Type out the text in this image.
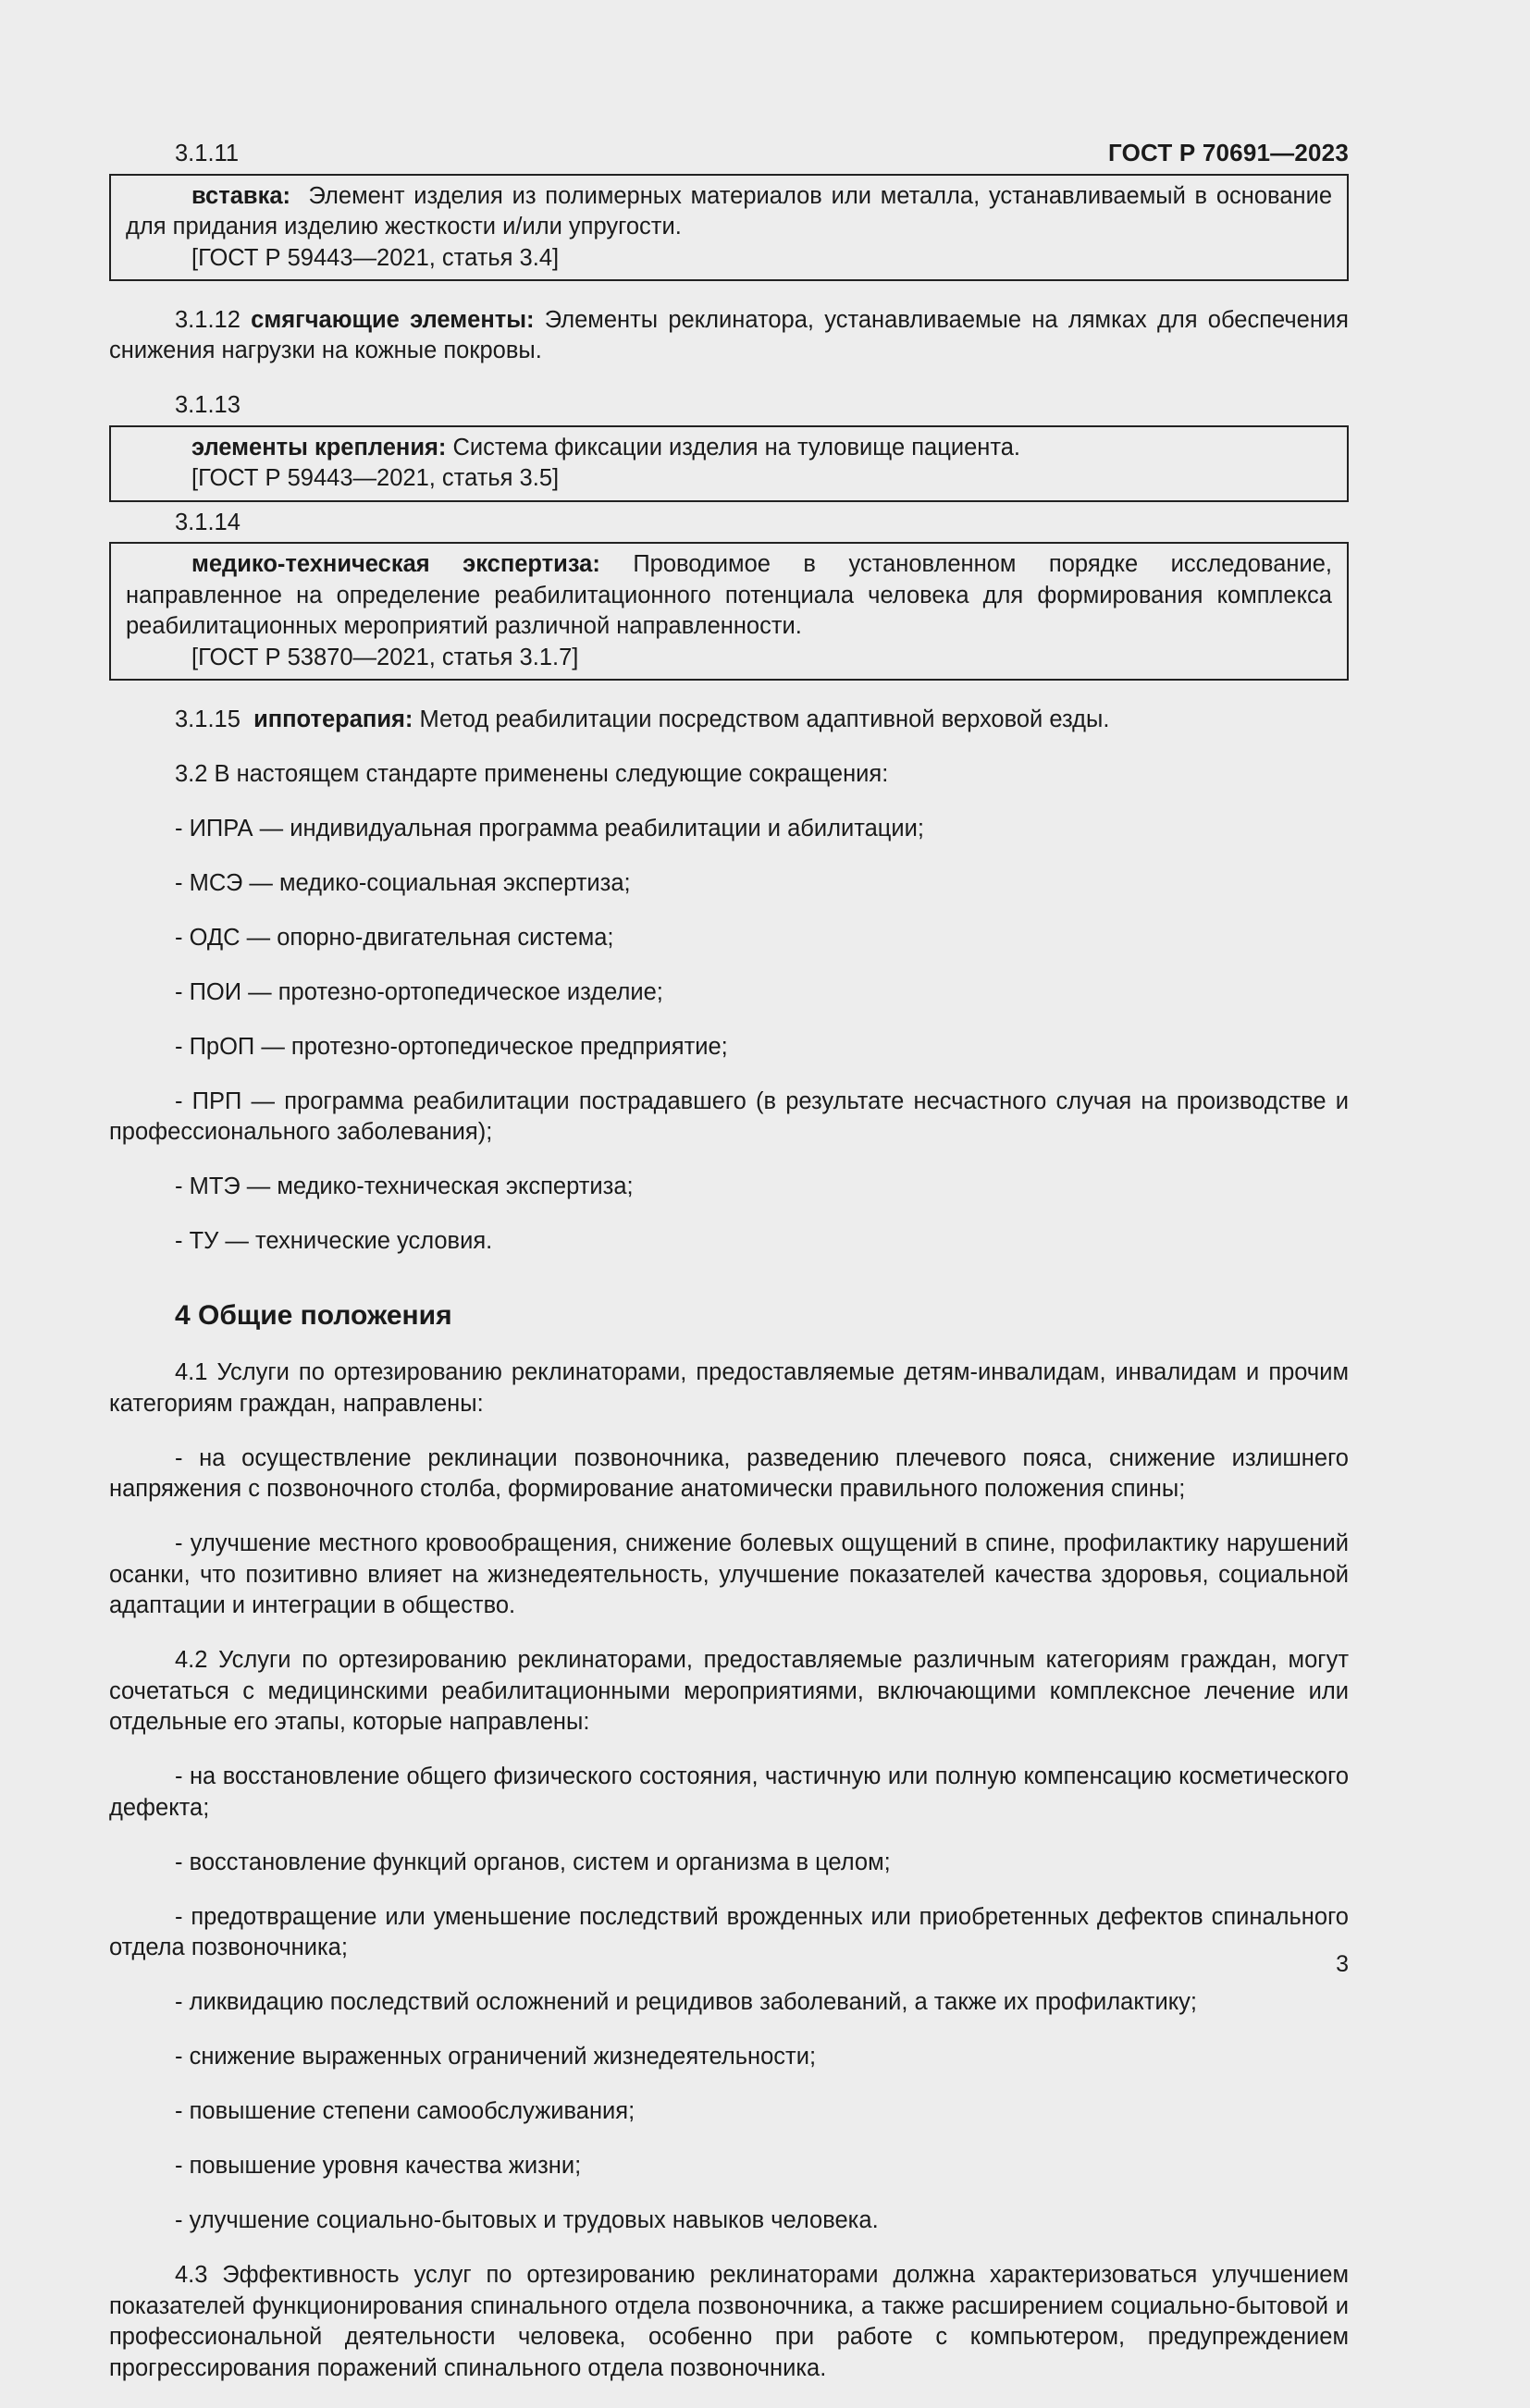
ГОСТ Р 70691—2023

3.1.11

вставка: Элемент изделия из полимерных материалов или металла, устанавливаемый в основание для придания изделию жесткости и/или упругости.

[ГОСТ Р 59443—2021, статья 3.4]

3.1.12 смягчающие элементы: Элементы реклинатора, устанавливаемые на лямках для обеспечения снижения нагрузки на кожные покровы.

3.1.13

элементы крепления: Система фиксации изделия на туловище пациента.

[ГОСТ Р 59443—2021, статья 3.5]

3.1.14

медико-техническая экспертиза: Проводимое в установленном порядке исследование, направленное на определение реабилитационного потенциала человека для формирования комплекса реабилитационных мероприятий различной направленности.

[ГОСТ Р 53870—2021, статья 3.1.7]

3.1.15 иппотерапия: Метод реабилитации посредством адаптивной верховой езды.

3.2 В настоящем стандарте применены следующие сокращения:

- ИПРА — индивидуальная программа реабилитации и абилитации;

- МСЭ — медико-социальная экспертиза;

- ОДС — опорно-двигательная система;

- ПОИ — протезно-ортопедическое изделие;

- ПрОП — протезно-ортопедическое предприятие;

- ПРП — программа реабилитации пострадавшего (в результате несчастного случая на производстве и профессионального заболевания);

- МТЭ — медико-техническая экспертиза;

- ТУ — технические условия.

4 Общие положения

4.1 Услуги по ортезированию реклинаторами, предоставляемые детям-инвалидам, инвалидам и прочим категориям граждан, направлены:

- на осуществление реклинации позвоночника, разведению плечевого пояса, снижение излишнего напряжения с позвоночного столба, формирование анатомически правильного положения спины;

- улучшение местного кровообращения, снижение болевых ощущений в спине, профилактику нарушений осанки, что позитивно влияет на жизнедеятельность, улучшение показателей качества здоровья, социальной адаптации и интеграции в общество.

4.2 Услуги по ортезированию реклинаторами, предоставляемые различным категориям граждан, могут сочетаться с медицинскими реабилитационными мероприятиями, включающими комплексное лечение или отдельные его этапы, которые направлены:

- на восстановление общего физического состояния, частичную или полную компенсацию косметического дефекта;

- восстановление функций органов, систем и организма в целом;

- предотвращение или уменьшение последствий врожденных или приобретенных дефектов спинального отдела позвоночника;

- ликвидацию последствий осложнений и рецидивов заболеваний, а также их профилактику;

- снижение выраженных ограничений жизнедеятельности;

- повышение степени самообслуживания;

- повышение уровня качества жизни;

- улучшение социально-бытовых и трудовых навыков человека.

4.3 Эффективность услуг по ортезированию реклинаторами должна характеризоваться улучшением показателей функционирования спинального отдела позвоночника, а также расширением социально-бытовой и профессиональной деятельности человека, особенно при работе с компьютером, предупреждением прогрессирования поражений спинального отдела позвоночника.

3
